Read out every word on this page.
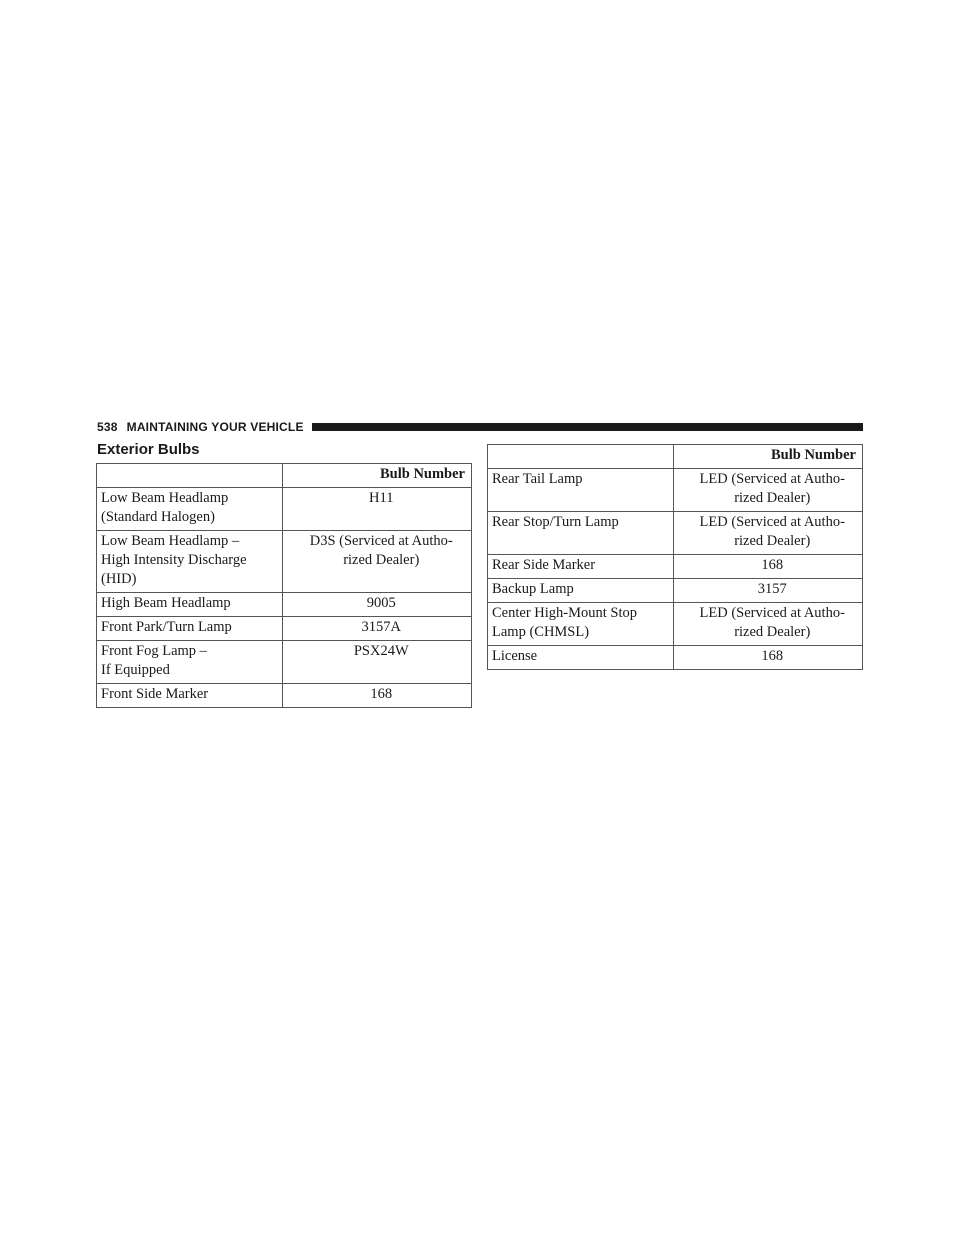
538 MAINTAINING YOUR VEHICLE
Exterior Bulbs
	Bulb Number
Low Beam Headlamp
(Standard Halogen)	H11
Low Beam Headlamp –
High Intensity Discharge
(HID)	D3S (Serviced at Autho-
rized Dealer)
High Beam Headlamp	9005
Front Park/Turn Lamp	3157A
Front Fog Lamp –
If Equipped	PSX24W
Front Side Marker	168
	Bulb Number
Rear Tail Lamp	LED (Serviced at Autho-
rized Dealer)
Rear Stop/Turn Lamp	LED (Serviced at Autho-
rized Dealer)
Rear Side Marker	168
Backup Lamp	3157
Center High-Mount Stop
Lamp (CHMSL)	LED (Serviced at Autho-
rized Dealer)
License	168
